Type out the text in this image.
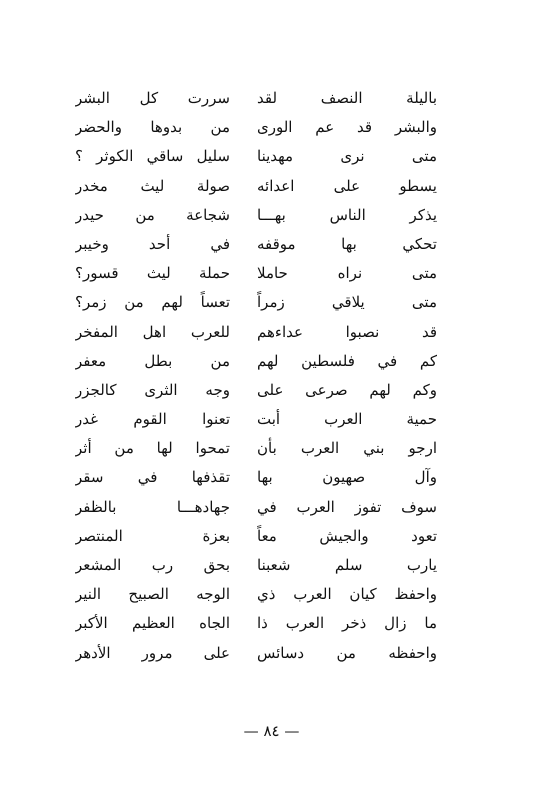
باليلة النصف لقد
سررت كل البشر
والبشر قد عم الورى
من بدوها والحضر
متى نرى مهدينا
سليل ساقي الكوثر ؟
يسطو على اعدائه
صولة ليث مخدر
يذكر الناس بهـــا
شجاعة من حيدر
تحكي بها موقفه
في أحد وخيبر
متى نراه حاملا
حملة ليث قسور؟
متى يلاقي زمراً
تعساً لهم من زمر؟
قد نصبوا عداءهم
للعرب اهل المفخر
كم في فلسطين لهم
من بطل معفر
وكم لهم صرعى على
وجه الثرى كالجزر
حمية العرب أبت
تعنوا القوم غدر
ارجو بني العرب بأن
تمحوا لها من أثر
وآل صهيون بها
تقذفها في سقر
سوف تفوز العرب في
جهادهـــا بالظفر
تعود والجيش معاً
بعزة المنتصر
يارب سلم شعبنا
بحق رب المشعر
واحفظ كيان العرب ذي
الوجه الصبيح النير
ما زال ذخر العرب ذا
الجاه العظيم الأكبر
واحفظه من دسائس
على مرور الأدهر
— ٨٤ —
